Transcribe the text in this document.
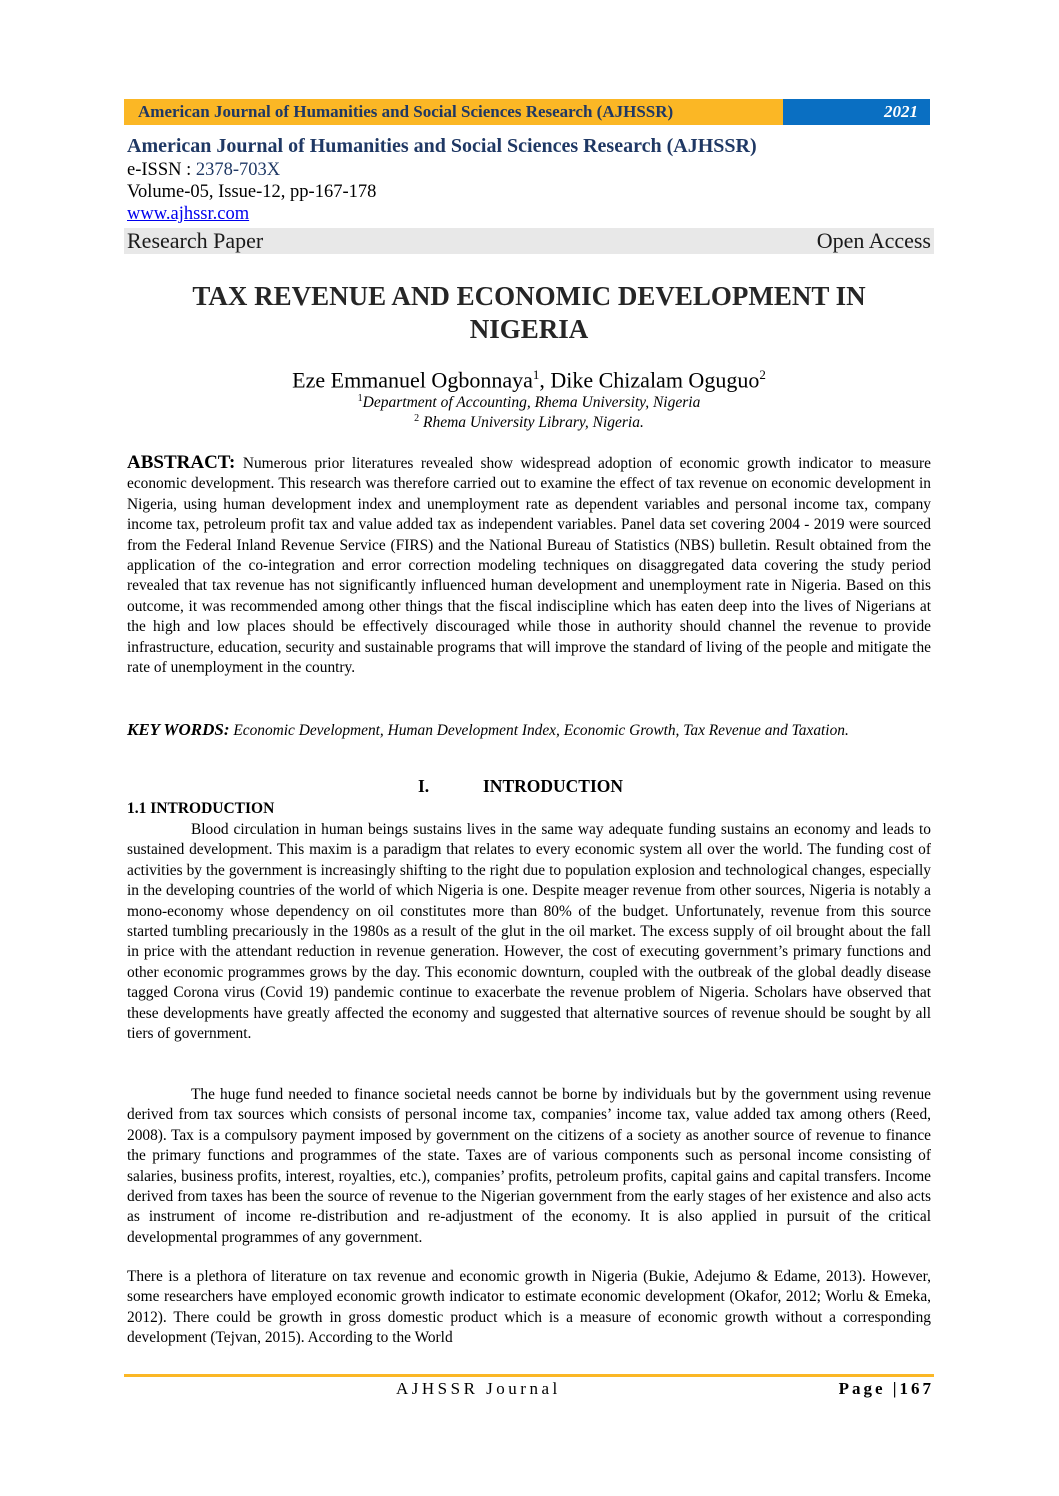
American Journal of Humanities and Social Sciences Research (AJHSSR)	2021
American Journal of Humanities and Social Sciences Research (AJHSSR)
e-ISSN : 2378-703X
Volume-05, Issue-12, pp-167-178
www.ajhssr.com
Research Paper	Open Access
TAX REVENUE AND ECONOMIC DEVELOPMENT IN
NIGERIA
Eze Emmanuel Ogbonnaya$^1$, Dike Chizalam Oguguo$^2$
$^1$Department of Accounting, Rhema University, Nigeria
$^2$ Rhema University Library, Nigeria.
ABSTRACT: Numerous prior literatures revealed show widespread adoption of economic growth indicator to measure economic development. This research was therefore carried out to examine the effect of tax revenue on economic development in Nigeria, using human development index and unemployment rate as dependent variables and personal income tax, company income tax, petroleum profit tax and value added tax as independent variables. Panel data set covering 2004 - 2019 were sourced from the Federal Inland Revenue Service (FIRS) and the National Bureau of Statistics (NBS) bulletin. Result obtained from the application of the co-integration and error correction modeling techniques on disaggregated data covering the study period revealed that tax revenue has not significantly influenced human development and unemployment rate in Nigeria. Based on this outcome, it was recommended among other things that the fiscal indiscipline which has eaten deep into the lives of Nigerians at the high and low places should be effectively discouraged while those in authority should channel the revenue to provide infrastructure, education, security and sustainable programs that will improve the standard of living of the people and mitigate the rate of unemployment in the country.
KEY WORDS: Economic Development, Human Development Index, Economic Growth, Tax Revenue and Taxation.
I.	INTRODUCTION
1.1 INTRODUCTION
Blood circulation in human beings sustains lives in the same way adequate funding sustains an economy and leads to sustained development. This maxim is a paradigm that relates to every economic system all over the world. The funding cost of activities by the government is increasingly shifting to the right due to population explosion and technological changes, especially in the developing countries of the world of which Nigeria is one. Despite meager revenue from other sources, Nigeria is notably a mono-economy whose dependency on oil constitutes more than 80% of the budget. Unfortunately, revenue from this source started tumbling precariously in the 1980s as a result of the glut in the oil market. The excess supply of oil brought about the fall in price with the attendant reduction in revenue generation. However, the cost of executing government’s primary functions and other economic programmes grows by the day. This economic downturn, coupled with the outbreak of the global deadly disease tagged Corona virus (Covid 19) pandemic continue to exacerbate the revenue problem of Nigeria. Scholars have observed that these developments have greatly affected the economy and suggested that alternative sources of revenue should be sought by all tiers of government.
The huge fund needed to finance societal needs cannot be borne by individuals but by the government using revenue derived from tax sources which consists of personal income tax, companies’ income tax, value added tax among others (Reed, 2008). Tax is a compulsory payment imposed by government on the citizens of a society as another source of revenue to finance the primary functions and programmes of the state. Taxes are of various components such as personal income consisting of salaries, business profits, interest, royalties, etc.), companies’ profits, petroleum profits, capital gains and capital transfers. Income derived from taxes has been the source of revenue to the Nigerian government from the early stages of her existence and also acts as instrument of income re-distribution and re-adjustment of the economy. It is also applied in pursuit of the critical developmental programmes of any government.
There is a plethora of literature on tax revenue and economic growth in Nigeria (Bukie, Adejumo & Edame, 2013). However, some researchers have employed economic growth indicator to estimate economic development (Okafor, 2012; Worlu & Emeka, 2012). There could be growth in gross domestic product which is a measure of economic growth without a corresponding development (Tejvan, 2015). According to the World
AJHSSR Journal	Page |167
